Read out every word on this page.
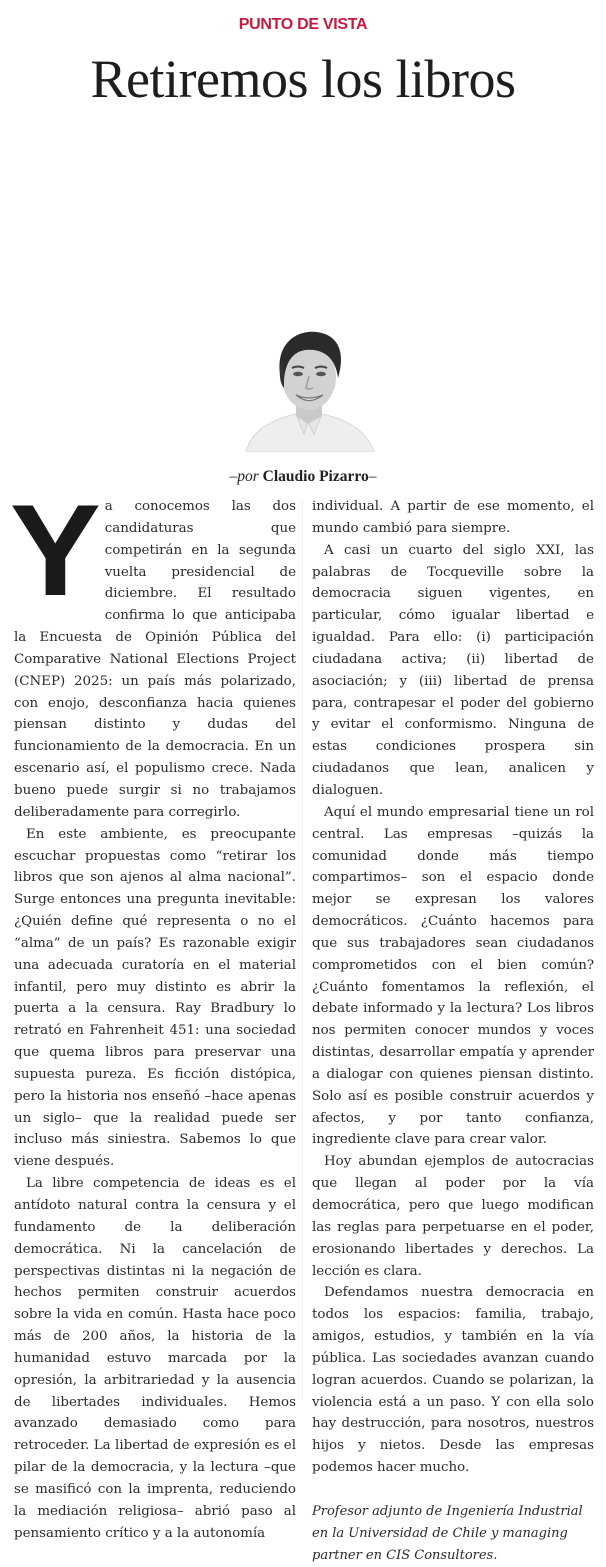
PUNTO DE VISTA
Retiremos los libros
–por Claudio Pizarro–

Ya conocemos las dos candidaturas que competirán en la segunda vuelta presidencial de diciembre. El resultado confirma lo que anticipaba la Encuesta de Opinión Pública del Comparative National Elections Project (CNEP) 2025: un país más polarizado, con enojo, desconfianza hacia quienes piensan distinto y dudas del funcionamiento de la democracia. En un escenario así, el populismo crece. Nada bueno puede surgir si no trabajamos deliberadamente para corregirlo.

En este ambiente, es preocupante escuchar propuestas como “retirar los libros que son ajenos al alma nacional”. Surge entonces una pregunta inevitable: ¿Quién define qué representa o no el “alma” de un país? Es razonable exigir una adecuada curatoría en el material infantil, pero muy distinto es abrir la puerta a la censura. Ray Bradbury lo retrató en Fahrenheit 451: una sociedad que quema libros para preservar una supuesta pureza. Es ficción distópica, pero la historia nos enseñó –hace apenas un siglo– que la realidad puede ser incluso más siniestra. Sabemos lo que viene después.

La libre competencia de ideas es el antídoto natural contra la censura y el fundamento de la deliberación democrática. Ni la cancelación de perspectivas distintas ni la negación de hechos permiten construir acuerdos sobre la vida en común. Hasta hace poco más de 200 años, la historia de la humanidad estuvo marcada por la opresión, la arbitrariedad y la ausencia de libertades individuales. Hemos avanzado demasiado como para retroceder. La libertad de expresión es el pilar de la democracia, y la lectura –que se masificó con la imprenta, reduciendo la mediación religiosa– abrió paso al pensamiento crítico y a la autonomía

individual. A partir de ese momento, el mundo cambió para siempre.

A casi un cuarto del siglo XXI, las palabras de Tocqueville sobre la democracia siguen vigentes, en particular, cómo igualar libertad e igualdad. Para ello: (i) participación ciudadana activa; (ii) libertad de asociación; y (iii) libertad de prensa para, contrapesar el poder del gobierno y evitar el conformismo. Ninguna de estas condiciones prospera sin ciudadanos que lean, analicen y dialoguen.

Aquí el mundo empresarial tiene un rol central. Las empresas –quizás la comunidad donde más tiempo compartimos– son el espacio donde mejor se expresan los valores democráticos. ¿Cuánto hacemos para que sus trabajadores sean ciudadanos comprometidos con el bien común? ¿Cuánto fomentamos la reflexión, el debate informado y la lectura? Los libros nos permiten conocer mundos y voces distintas, desarrollar empatía y aprender a dialogar con quienes piensan distinto. Solo así es posible construir acuerdos y afectos, y por tanto confianza, ingrediente clave para crear valor.

Hoy abundan ejemplos de autocracias que llegan al poder por la vía democrática, pero que luego modifican las reglas para perpetuarse en el poder, erosionando libertades y derechos. La lección es clara.

Defendamos nuestra democracia en todos los espacios: familia, trabajo, amigos, estudios, y también en la vía pública. Las sociedades avanzan cuando logran acuerdos. Cuando se polarizan, la violencia está a un paso. Y con ella solo hay destrucción, para nosotros, nuestros hijos y nietos. Desde las empresas podemos hacer mucho.

Profesor adjunto de Ingeniería Industrial en la Universidad de Chile y managing partner en CIS Consultores.
